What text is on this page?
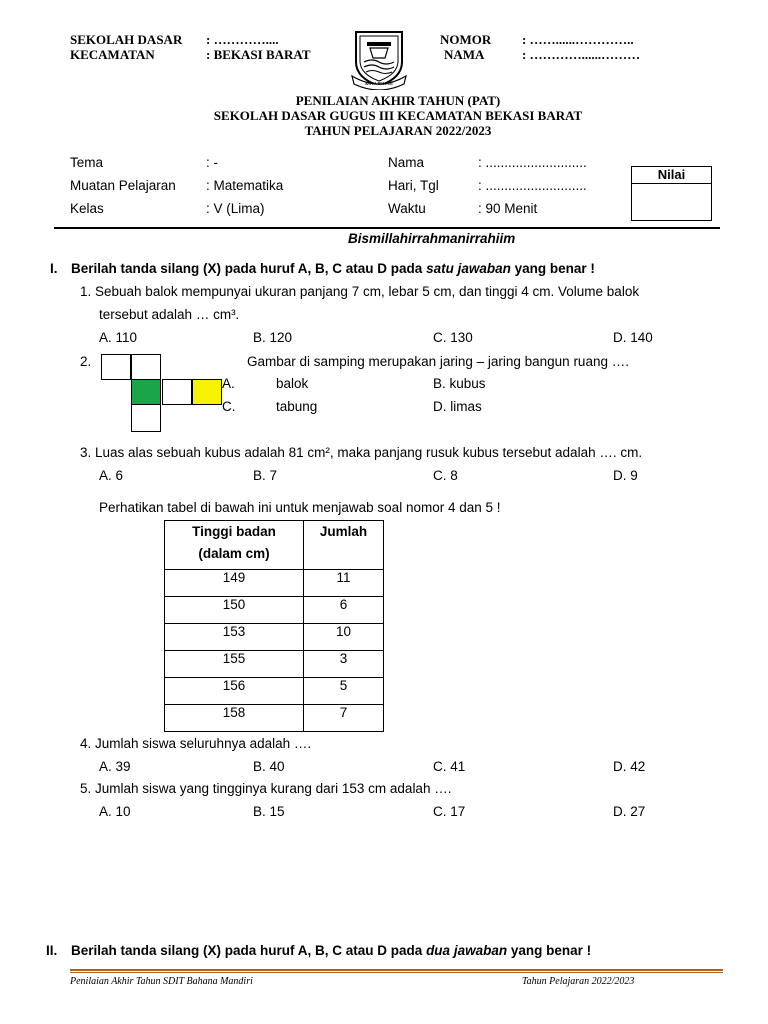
SEKOLAH DASAR : …………....
KECAMATAN	: BEKASI BARAT
NOMOR : ……......…………..
NAMA	: …………......………
KOTA BEKASI
PENILAIAN AKHIR TAHUN (PAT)
SEKOLAH DASAR GUGUS III KECAMATAN BEKASI BARAT
TAHUN PELAJARAN 2022/2023
Tema	: -
Muatan Pelajaran : Matematika
Kelas	: V (Lima)
Nama	: ...........................
Hari, Tgl	: ...........................
Waktu	: 90 Menit
Nilai
Bismillahirrahmanirrahiim
I. Berilah tanda silang (X) pada huruf A, B, C atau D pada satu jawaban yang benar !
1. Sebuah balok mempunyai ukuran panjang 7 cm, lebar 5 cm, dan tinggi 4 cm. Volume balok
tersebut adalah … cm³.
A. 110	B. 120	C. 130	D. 140
2.	Gambar di samping merupakan jaring – jaring bangun ruang ….
A.	balok	B. kubus
C.	tabung	D. limas
3. Luas alas sebuah kubus adalah 81 cm², maka panjang rusuk kubus tersebut adalah …. cm.
A. 6	B. 7	C. 8	D. 9
Perhatikan tabel di bawah ini untuk menjawab soal nomor 4 dan 5 !
Tinggi badan
(dalam cm)	Jumlah
149	11
150	6
153	10
155	3
156	5
158	7
4. Jumlah siswa seluruhnya adalah ….
A. 39	B. 40	C. 41	D. 42
5. Jumlah siswa yang tingginya kurang dari 153 cm adalah ….
A. 10	B. 15	C. 17	D. 27
II. Berilah tanda silang (X) pada huruf A, B, C atau D pada dua jawaban yang benar !
Penilaian Akhir Tahun SDIT Bahana Mandiri	Tahun Pelajaran 2022/2023
